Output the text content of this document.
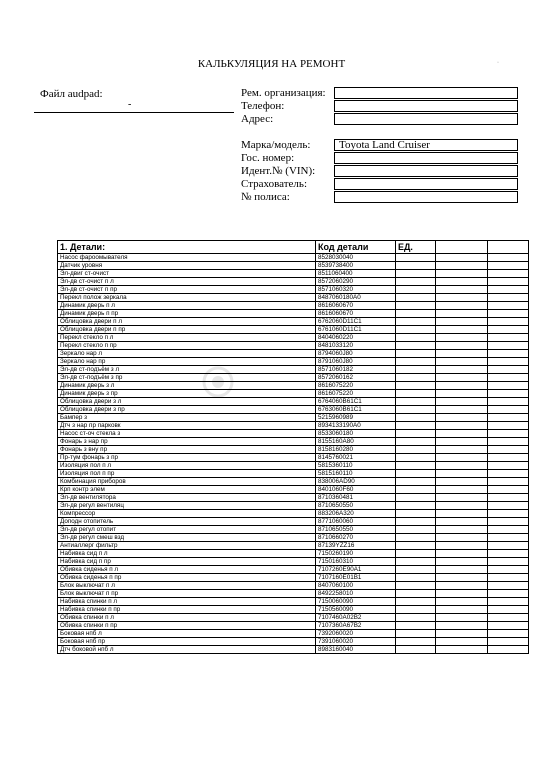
КАЛЬКУЛЯЦИЯ НА РЕМОНТ	·
Файл audpad:
-
Рем. организация:
Телефон:
Адрес:
Марка/модель:	Toyota Land Cruiser
Гос. номер:
Идент.№ (VIN):
Страхователь:
№ полиса:
1. Детали:	Код детали	ЕД.		
Насос фароомывателя	8528030040			
Датчик уровня	8539738400			
Эл-двиг ст-очист	8511060400			
Эл-дв ст-очист п л	8572060290			
Эл-дв ст-очист п пр	8571060320			
Перекл полож зеркала	8487060180A0			
Динамик дверь п л	8616060670			
Динамик дверь п пр	8616060670			
Облицовка двери п л	6762060D11C1			
Облицовка двери п пр	6761060D11C1			
Перекл стекло п л	8404060220			
Перекл стекло п пр	8481033120			
Зеркало нар л	8794060J80			
Зеркало нар пр	8791060J80			
Эл-дв ст-подъём з л	8571060182			
Эл-дв ст-подъём з пр	8572060162			
Динамик дверь з л	8616075220			
Динамик дверь з пр	8616075220			
Облицовка двери з л	6764060B61C1			
Облицовка двери з пр	6763060B61C1			
Бампер з	5215960989			
Дтч з нар пр парковк	8934133190A0			
Насос ст-оч стекла з	8533060180			
Фонарь з нар пр	8155160A80			
Фонарь з вну пр	8158160280			
Пр-тум фонарь з пр	8145760021			
Изоляция пол п л	5815360110			
Изоляция пол п пр	5815160110			
Комбинация приборов	838006AD90			
Крп контр элем	8401060F60			
Эл-дв вентилятора	8710360481			
Эл-дв регул вентиляц	8710650550			
Компрессор	883206A320			
Доподн отопитель	8771060060			
Эл-дв регул отопит	8710650550			
Эл-дв регул смеш взд	8710660270			
Антиаллерг фильтр	87139YZZ16			
Набивка сид п л	7150260190			
Набивка сид п пр	7150160310			
Обивка сиденья п л	7107260E90A1			
Обивка сиденья п пр	7107160E01B1			
Блок выключат п л	8407060100			
Блок выключат п пр	8492258010			
Набивка спинки п л	7150060090			
Набивка спинки п пр	7150560090			
Обивка спинки п л	7107460A02B2			
Обивка спинки п пр	7107360A67B2			
Боковая нпб л	7392060020			
Боковая нпб пр	7391060020			
Дтч боковой нпб л	8983160040			
